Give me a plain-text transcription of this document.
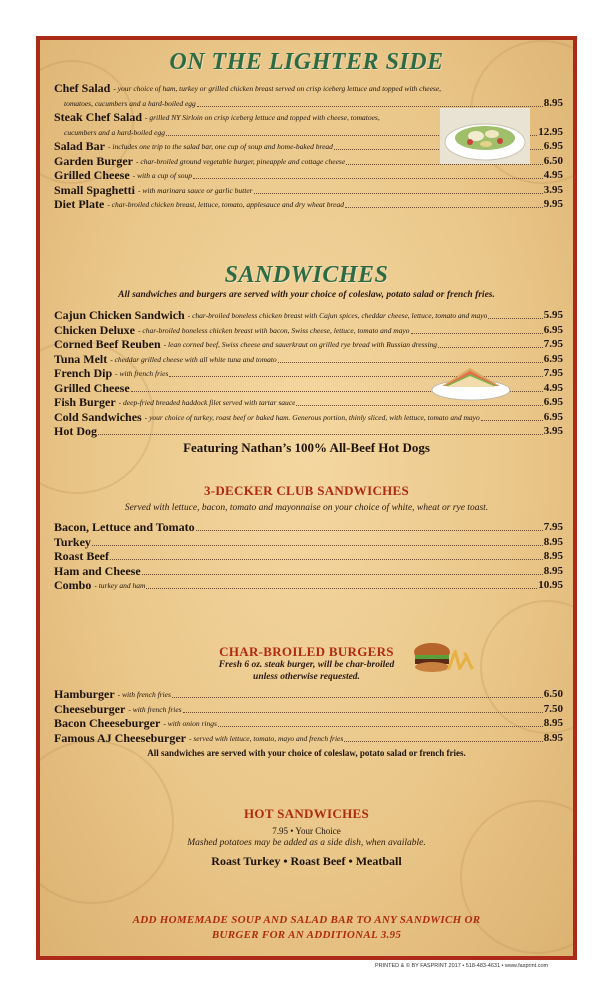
ON THE LIGHTER SIDE
Chef Salad - your choice of ham, turkey or grilled chicken breast served on crisp iceberg lettuce and topped with cheese,
tomatoes, cucumbers and a hard-boiled egg	8.95
Steak Chef Salad - grilled NY Sirloin on crisp iceberg lettuce and topped with cheese, tomatoes,
cucumbers and a hard-boiled egg	12.95
Salad Bar - includes one trip to the salad bar, one cup of soup and home-baked bread	6.95
Garden Burger - char-broiled ground vegetable burger, pineapple and cottage cheese	6.50
Grilled Cheese - with a cup of soup	4.95
Small Spaghetti - with marinara sauce or garlic butter	3.95
Diet Plate - char-broiled chicken breast, lettuce, tomato, applesauce and dry wheat bread	9.95
SANDWICHES
All sandwiches and burgers are served with your choice of coleslaw, potato salad or french fries.
Cajun Chicken Sandwich - char-broiled boneless chicken breast with Cajun spices, cheddar cheese, lettuce, tomato and mayo	5.95
Chicken Deluxe - char-broiled boneless chicken breast with bacon, Swiss cheese, lettuce, tomato and mayo	6.95
Corned Beef Reuben - lean corned beef, Swiss cheese and sauerkraut on grilled rye bread with Russian dressing	7.95
Tuna Melt - cheddar grilled cheese with all white tuna and tomato	6.95
French Dip - with french fries	7.95
Grilled Cheese	4.95
Fish Burger - deep-fried breaded haddock filet served with tartar sauce	6.95
Cold Sandwiches - your choice of turkey, roast beef or baked ham. Generous portion, thinly sliced, with lettuce, tomato and mayo	6.95
Hot Dog	3.95
Featuring Nathan’s 100% All-Beef Hot Dogs
3-DECKER CLUB SANDWICHES
Served with lettuce, bacon, tomato and mayonnaise on your choice of white, wheat or rye toast.
Bacon, Lettuce and Tomato	7.95
Turkey	8.95
Roast Beef	8.95
Ham and Cheese	8.95
Combo - turkey and ham	10.95
CHAR-BROILED BURGERS
Fresh 6 oz. steak burger, will be char-broiled
unless otherwise requested.
Hamburger - with french fries	6.50
Cheeseburger - with french fries	7.50
Bacon Cheeseburger - with onion rings	8.95
Famous AJ Cheeseburger - served with lettuce, tomato, mayo and french fries	8.95
All sandwiches are served with your choice of coleslaw, potato salad or french fries.
HOT SANDWICHES
7.95 • Your Choice
Mashed potatoes may be added as a side dish, when available.
Roast Turkey • Roast Beef • Meatball
ADD HOMEMADE SOUP AND SALAD BAR TO ANY SANDWICH OR
BURGER FOR AN ADDITIONAL 3.95
PRINTED & © BY FASPRINT 2017 • 518-483-4631 • www.fasprint.com
